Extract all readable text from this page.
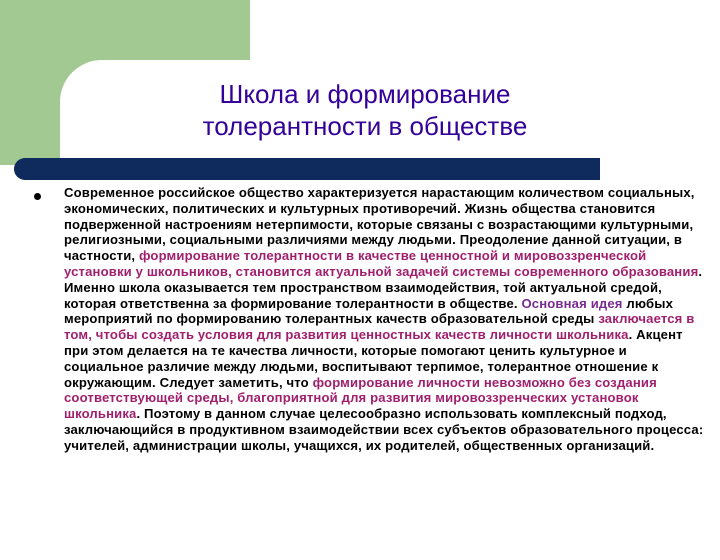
Школа и формирование
толерантности в обществе
Современное российское общество характеризуется нарастающим количеством социальных, экономических, политических и культурных противоречий. Жизнь общества становится подверженной настроениям нетерпимости, которые связаны с возрастающими культурными, религиозными, социальными различиями между людьми. Преодоление данной ситуации, в частности, формирование толерантности в качестве ценностной и мировоззренческой установки у школьников, становится актуальной задачей системы современного образования. Именно школа оказывается тем пространством взаимодействия, той актуальной средой, которая ответственна за формирование толерантности в обществе. Основная идея любых мероприятий по формированию толерантных качеств образовательной среды заключается в том, чтобы создать условия для развития ценностных качеств личности школьника. Акцент при этом делается на те качества личности, которые помогают ценить культурное и социальное различие между людьми, воспитывают терпимое, толерантное отношение к окружающим. Следует заметить, что формирование личности невозможно без создания соответствующей среды, благоприятной для развития мировоззренческих установок школьника. Поэтому в данном случае целесообразно использовать комплексный подход, заключающийся в продуктивном взаимодействии всех субъектов образовательного процесса: учителей, администрации школы, учащихся, их родителей, общественных организаций.
